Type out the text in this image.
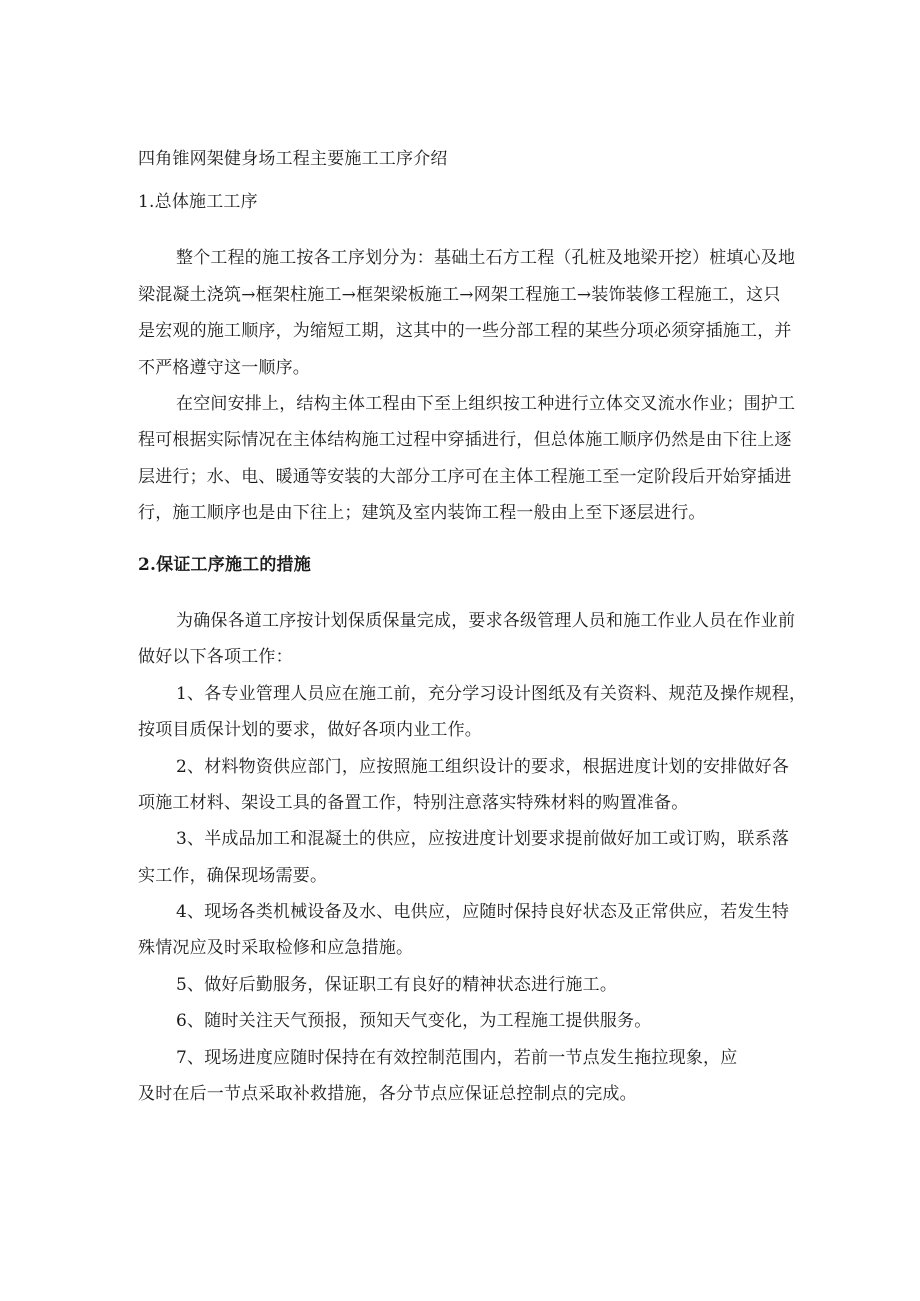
四角锥网架健身场工程主要施工工序介绍
1.总体施工工序
整个工程的施工按各工序划分为：基础土石方工程（孔桩及地梁开挖）桩填心及地
梁混凝土浇筑→框架柱施工→框架梁板施工→网架工程施工→装饰装修工程施工，这只
是宏观的施工顺序，为缩短工期，这其中的一些分部工程的某些分项必须穿插施工，并
不严格遵守这一顺序。
在空间安排上，结构主体工程由下至上组织按工种进行立体交叉流水作业；围护工
程可根据实际情况在主体结构施工过程中穿插进行，但总体施工顺序仍然是由下往上逐
层进行；水、电、暖通等安装的大部分工序可在主体工程施工至一定阶段后开始穿插进
行，施工顺序也是由下往上；建筑及室内装饰工程一般由上至下逐层进行。
2.保证工序施工的措施
为确保各道工序按计划保质保量完成，要求各级管理人员和施工作业人员在作业前
做好以下各项工作：
1、各专业管理人员应在施工前，充分学习设计图纸及有关资料、规范及操作规程，
按项目质保计划的要求，做好各项内业工作。
2、材料物资供应部门，应按照施工组织设计的要求，根据进度计划的安排做好各
项施工材料、架设工具的备置工作，特别注意落实特殊材料的购置准备。
3、半成品加工和混凝土的供应，应按进度计划要求提前做好加工或订购，联系落
实工作，确保现场需要。
4、现场各类机械设备及水、电供应，应随时保持良好状态及正常供应，若发生特
殊情况应及时采取检修和应急措施。
5、做好后勤服务，保证职工有良好的精神状态进行施工。
6、随时关注天气预报，预知天气变化，为工程施工提供服务。
7、现场进度应随时保持在有效控制范围内，若前一节点发生拖拉现象，应
及时在后一节点采取补救措施，各分节点应保证总控制点的完成。
